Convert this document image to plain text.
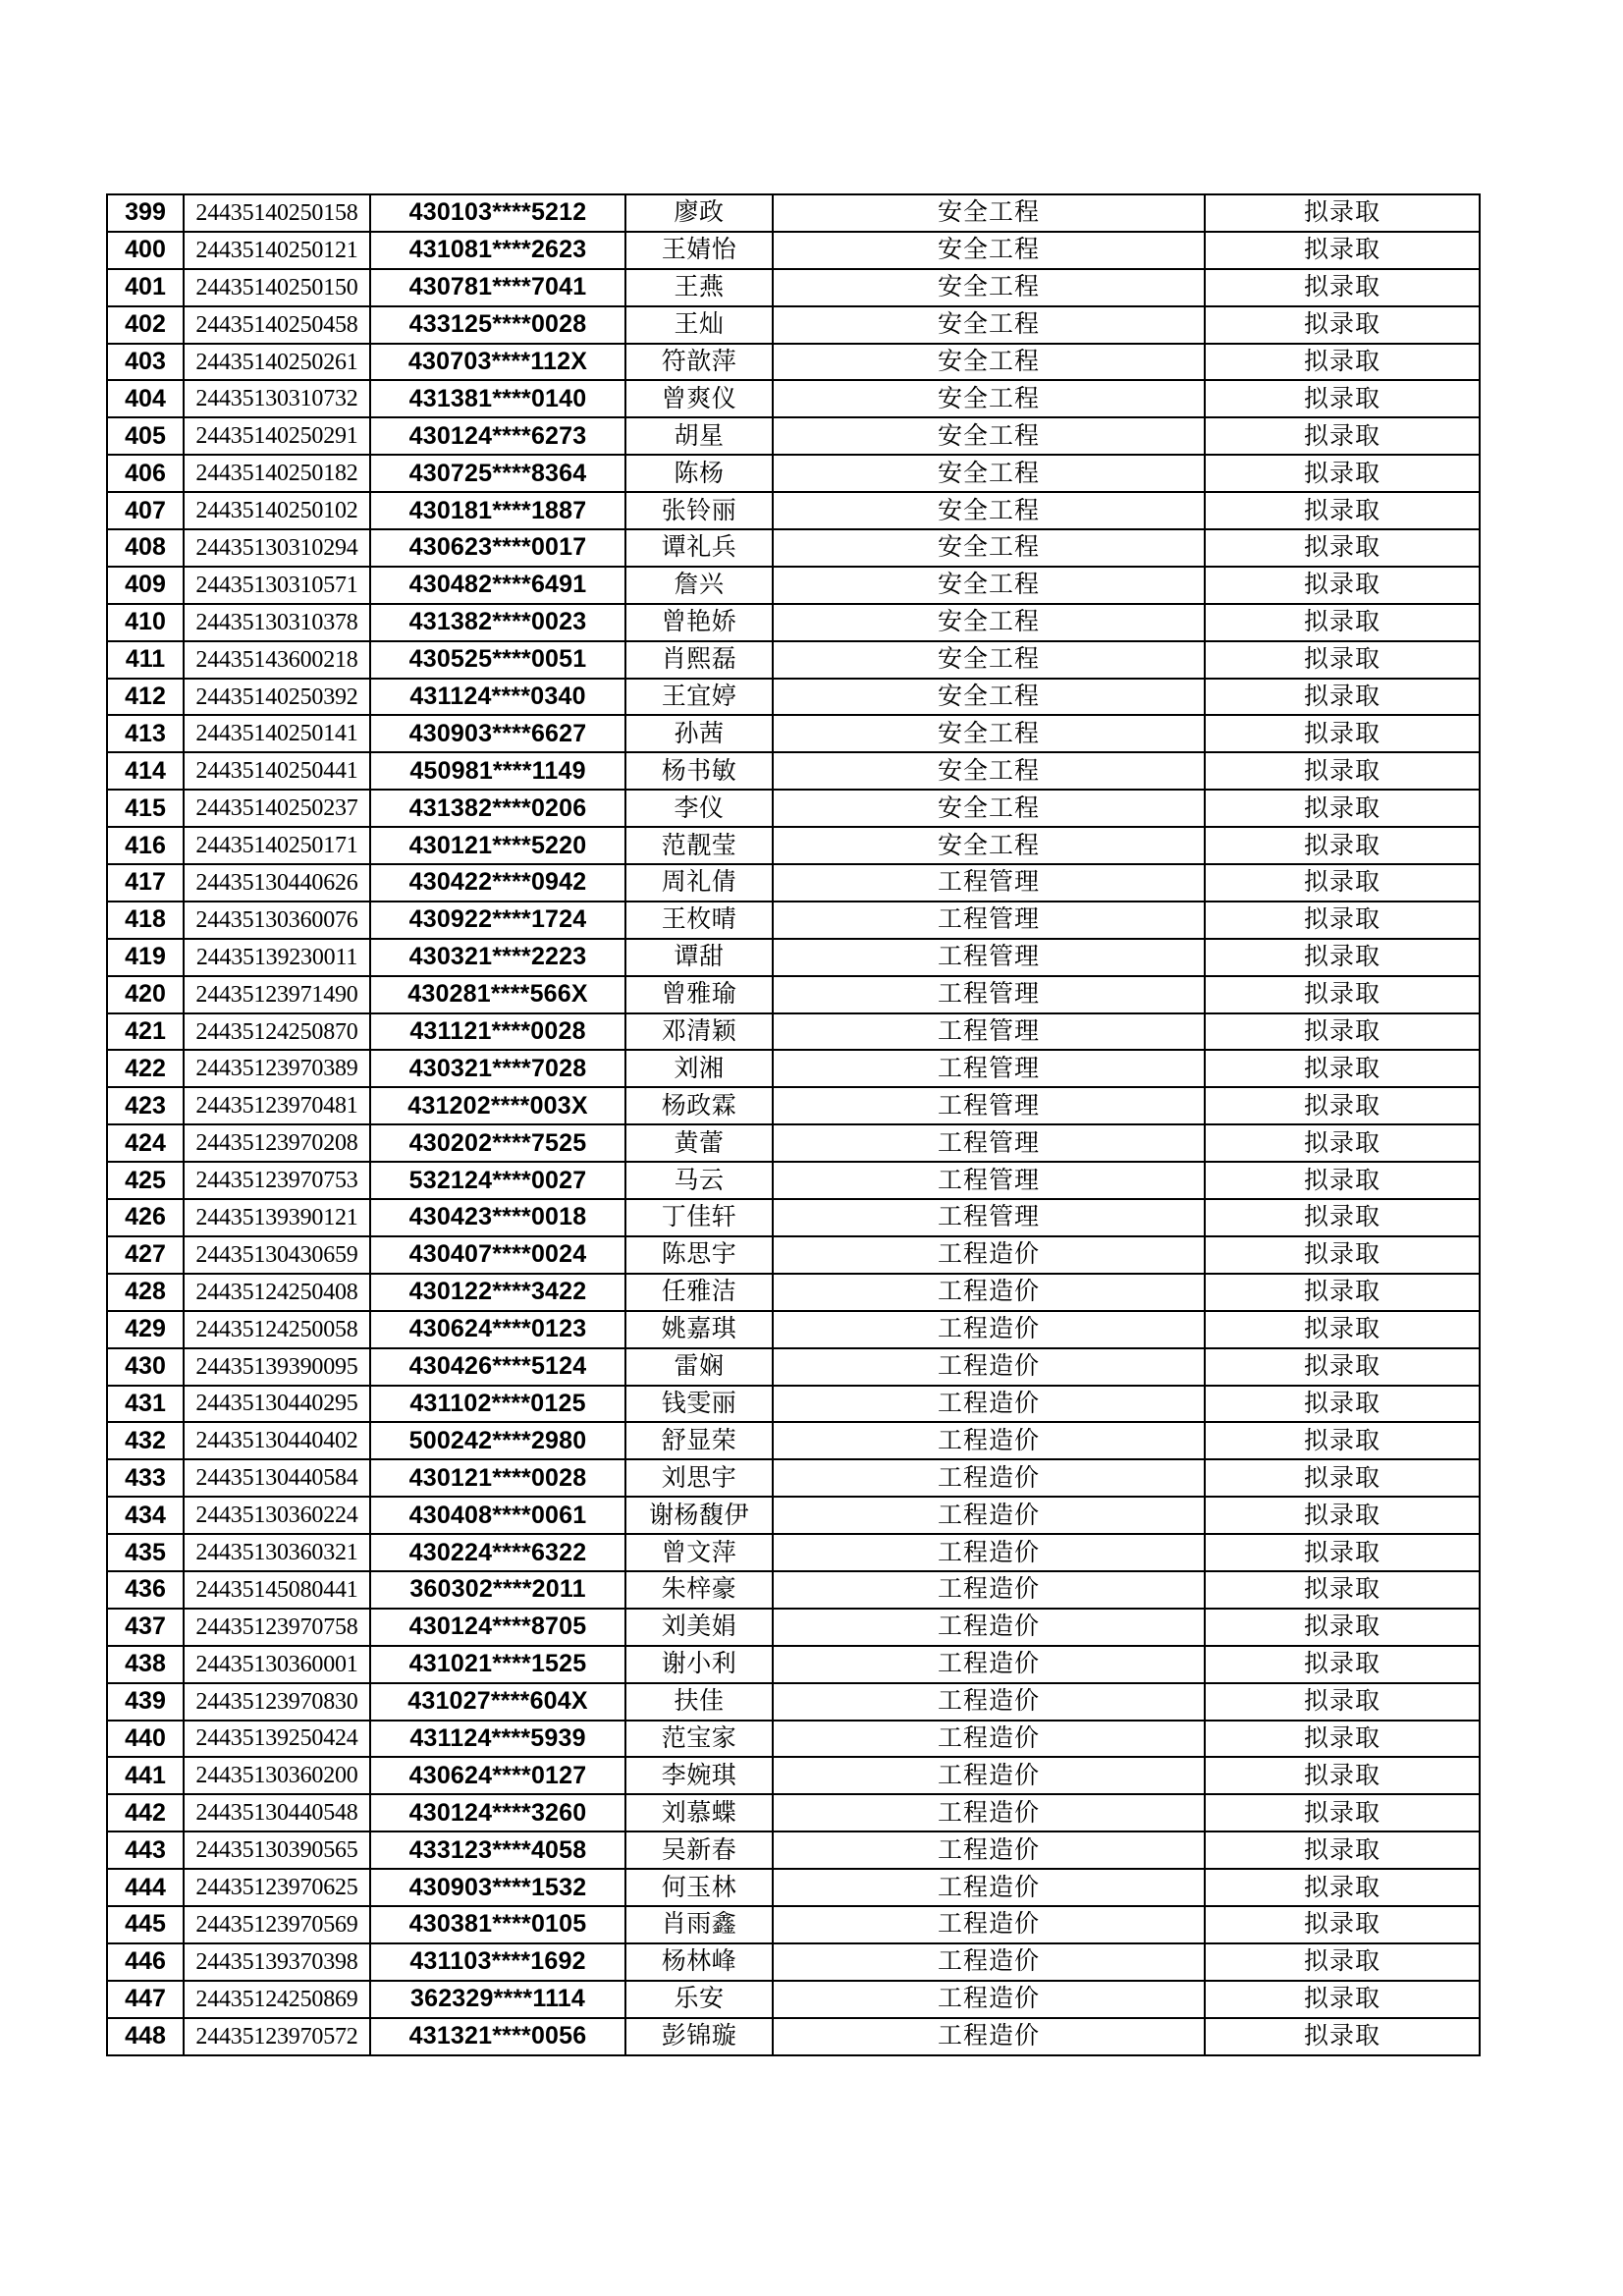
399	24435140250158	430103****5212	廖政	安全工程	拟录取
400	24435140250121	431081****2623	王婧怡	安全工程	拟录取
401	24435140250150	430781****7041	王燕	安全工程	拟录取
402	24435140250458	433125****0028	王灿	安全工程	拟录取
403	24435140250261	430703****112X	符歆萍	安全工程	拟录取
404	24435130310732	431381****0140	曾爽仪	安全工程	拟录取
405	24435140250291	430124****6273	胡星	安全工程	拟录取
406	24435140250182	430725****8364	陈杨	安全工程	拟录取
407	24435140250102	430181****1887	张铃丽	安全工程	拟录取
408	24435130310294	430623****0017	谭礼兵	安全工程	拟录取
409	24435130310571	430482****6491	詹兴	安全工程	拟录取
410	24435130310378	431382****0023	曾艳娇	安全工程	拟录取
411	24435143600218	430525****0051	肖熙磊	安全工程	拟录取
412	24435140250392	431124****0340	王宜婷	安全工程	拟录取
413	24435140250141	430903****6627	孙茜	安全工程	拟录取
414	24435140250441	450981****1149	杨书敏	安全工程	拟录取
415	24435140250237	431382****0206	李仪	安全工程	拟录取
416	24435140250171	430121****5220	范靓莹	安全工程	拟录取
417	24435130440626	430422****0942	周礼倩	工程管理	拟录取
418	24435130360076	430922****1724	王枚晴	工程管理	拟录取
419	24435139230011	430321****2223	谭甜	工程管理	拟录取
420	24435123971490	430281****566X	曾雅瑜	工程管理	拟录取
421	24435124250870	431121****0028	邓清颖	工程管理	拟录取
422	24435123970389	430321****7028	刘湘	工程管理	拟录取
423	24435123970481	431202****003X	杨政霖	工程管理	拟录取
424	24435123970208	430202****7525	黄蕾	工程管理	拟录取
425	24435123970753	532124****0027	马云	工程管理	拟录取
426	24435139390121	430423****0018	丁佳轩	工程管理	拟录取
427	24435130430659	430407****0024	陈思宇	工程造价	拟录取
428	24435124250408	430122****3422	任雅洁	工程造价	拟录取
429	24435124250058	430624****0123	姚嘉琪	工程造价	拟录取
430	24435139390095	430426****5124	雷娴	工程造价	拟录取
431	24435130440295	431102****0125	钱雯丽	工程造价	拟录取
432	24435130440402	500242****2980	舒显荣	工程造价	拟录取
433	24435130440584	430121****0028	刘思宇	工程造价	拟录取
434	24435130360224	430408****0061	谢杨馥伊	工程造价	拟录取
435	24435130360321	430224****6322	曾文萍	工程造价	拟录取
436	24435145080441	360302****2011	朱梓豪	工程造价	拟录取
437	24435123970758	430124****8705	刘美娟	工程造价	拟录取
438	24435130360001	431021****1525	谢小利	工程造价	拟录取
439	24435123970830	431027****604X	扶佳	工程造价	拟录取
440	24435139250424	431124****5939	范宝家	工程造价	拟录取
441	24435130360200	430624****0127	李婉琪	工程造价	拟录取
442	24435130440548	430124****3260	刘慕蝶	工程造价	拟录取
443	24435130390565	433123****4058	吴新春	工程造价	拟录取
444	24435123970625	430903****1532	何玉林	工程造价	拟录取
445	24435123970569	430381****0105	肖雨鑫	工程造价	拟录取
446	24435139370398	431103****1692	杨林峰	工程造价	拟录取
447	24435124250869	362329****1114	乐安	工程造价	拟录取
448	24435123970572	431321****0056	彭锦璇	工程造价	拟录取
